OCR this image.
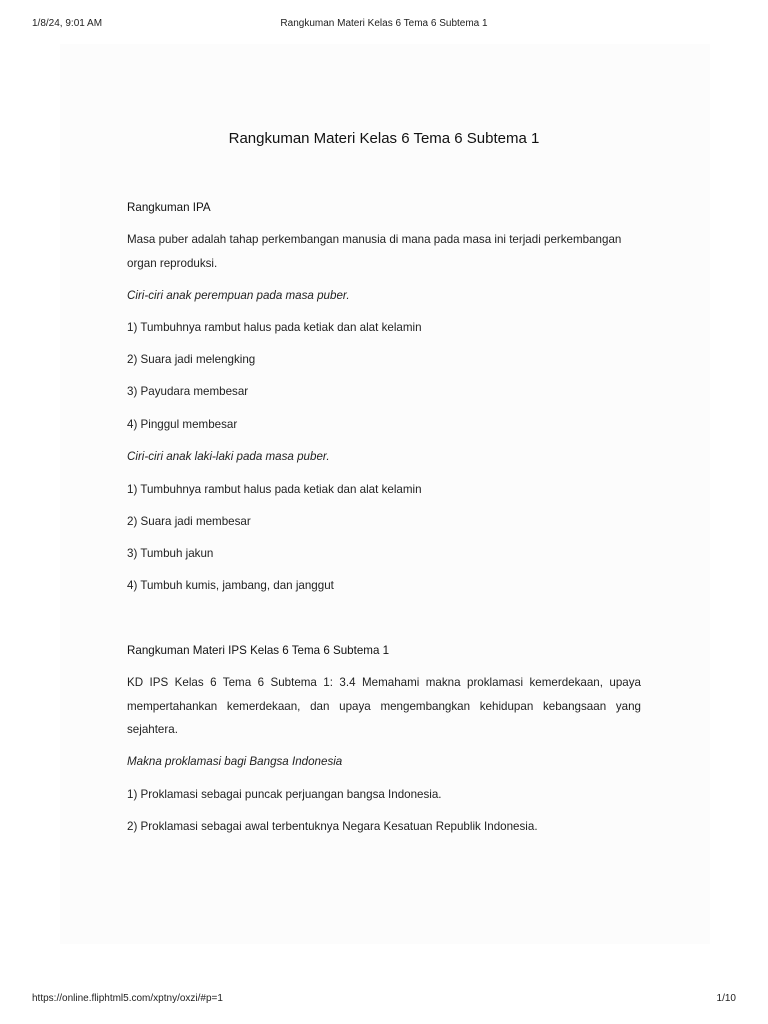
1/8/24, 9:01 AM	Rangkuman Materi Kelas 6 Tema 6 Subtema 1
Rangkuman Materi Kelas 6 Tema 6 Subtema 1
Rangkuman IPA
Masa puber adalah tahap perkembangan manusia di mana pada masa ini terjadi perkembangan
organ reproduksi.
Ciri-ciri anak perempuan pada masa puber.
1) Tumbuhnya rambut halus pada ketiak dan alat kelamin
2) Suara jadi melengking
3) Payudara membesar
4) Pinggul membesar
Ciri-ciri anak laki-laki pada masa puber.
1) Tumbuhnya rambut halus pada ketiak dan alat kelamin
2) Suara jadi membesar
3) Tumbuh jakun
4) Tumbuh kumis, jambang, dan janggut
Rangkuman Materi IPS Kelas 6 Tema 6 Subtema 1
KD IPS Kelas 6 Tema 6 Subtema 1: 3.4 Memahami makna proklamasi kemerdekaan, upaya
mempertahankan kemerdekaan, dan upaya mengembangkan kehidupan kebangsaan yang
sejahtera.
Makna proklamasi bagi Bangsa Indonesia
1) Proklamasi sebagai puncak perjuangan bangsa Indonesia.
2) Proklamasi sebagai awal terbentuknya Negara Kesatuan Republik Indonesia.
https://online.fliphtml5.com/xptny/oxzi/#p=1	1/10
